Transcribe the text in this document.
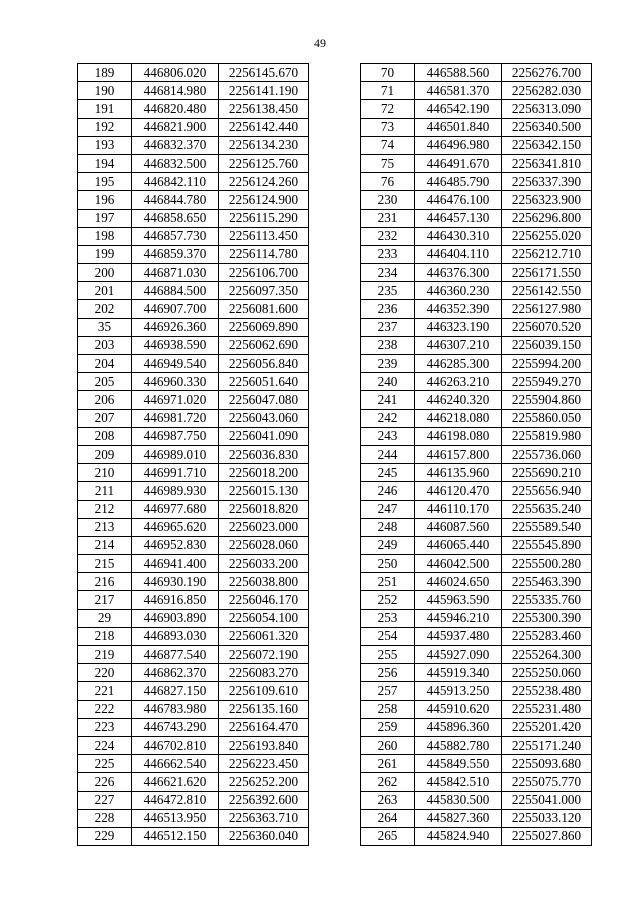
49
189	446806.020	2256145.670
190	446814.980	2256141.190
191	446820.480	2256138.450
192	446821.900	2256142.440
193	446832.370	2256134.230
194	446832.500	2256125.760
195	446842.110	2256124.260
196	446844.780	2256124.900
197	446858.650	2256115.290
198	446857.730	2256113.450
199	446859.370	2256114.780
200	446871.030	2256106.700
201	446884.500	2256097.350
202	446907.700	2256081.600
35	446926.360	2256069.890
203	446938.590	2256062.690
204	446949.540	2256056.840
205	446960.330	2256051.640
206	446971.020	2256047.080
207	446981.720	2256043.060
208	446987.750	2256041.090
209	446989.010	2256036.830
210	446991.710	2256018.200
211	446989.930	2256015.130
212	446977.680	2256018.820
213	446965.620	2256023.000
214	446952.830	2256028.060
215	446941.400	2256033.200
216	446930.190	2256038.800
217	446916.850	2256046.170
29	446903.890	2256054.100
218	446893.030	2256061.320
219	446877.540	2256072.190
220	446862.370	2256083.270
221	446827.150	2256109.610
222	446783.980	2256135.160
223	446743.290	2256164.470
224	446702.810	2256193.840
225	446662.540	2256223.450
226	446621.620	2256252.200
227	446472.810	2256392.600
228	446513.950	2256363.710
229	446512.150	2256360.040
70	446588.560	2256276.700
71	446581.370	2256282.030
72	446542.190	2256313.090
73	446501.840	2256340.500
74	446496.980	2256342.150
75	446491.670	2256341.810
76	446485.790	2256337.390
230	446476.100	2256323.900
231	446457.130	2256296.800
232	446430.310	2256255.020
233	446404.110	2256212.710
234	446376.300	2256171.550
235	446360.230	2256142.550
236	446352.390	2256127.980
237	446323.190	2256070.520
238	446307.210	2256039.150
239	446285.300	2255994.200
240	446263.210	2255949.270
241	446240.320	2255904.860
242	446218.080	2255860.050
243	446198.080	2255819.980
244	446157.800	2255736.060
245	446135.960	2255690.210
246	446120.470	2255656.940
247	446110.170	2255635.240
248	446087.560	2255589.540
249	446065.440	2255545.890
250	446042.500	2255500.280
251	446024.650	2255463.390
252	445963.590	2255335.760
253	445946.210	2255300.390
254	445937.480	2255283.460
255	445927.090	2255264.300
256	445919.340	2255250.060
257	445913.250	2255238.480
258	445910.620	2255231.480
259	445896.360	2255201.420
260	445882.780	2255171.240
261	445849.550	2255093.680
262	445842.510	2255075.770
263	445830.500	2255041.000
264	445827.360	2255033.120
265	445824.940	2255027.860
